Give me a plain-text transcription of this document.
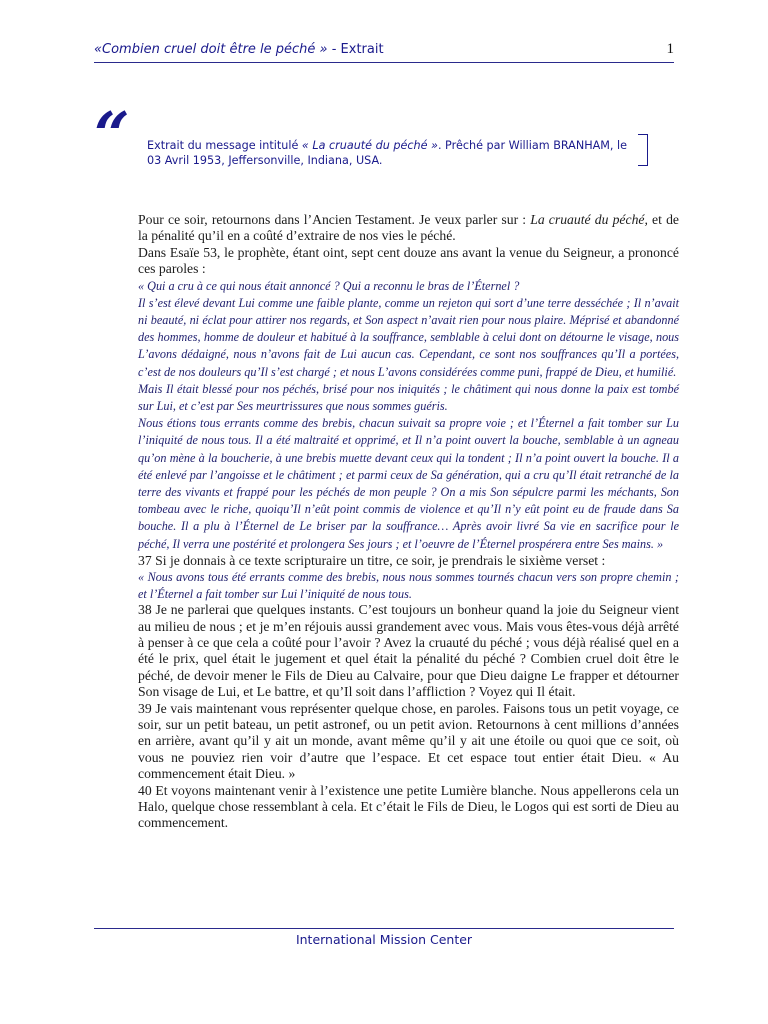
«Combien cruel doit être le péché » - Extrait	1
“ Extrait du message intitulé « La cruauté du péché ». Prêché par William BRANHAM, le 03 Avril 1953, Jeffersonville, Indiana, USA.

Pour ce soir, retournons dans l’Ancien Testament. Je veux parler sur : La cruauté du péché, et de la pénalité qu’il en a coûté d’extraire de nos vies le péché.

Dans Esaïe 53, le prophète, étant oint, sept cent douze ans avant la venue du Seigneur, a prononcé ces paroles :

« Qui a cru à ce qui nous était annoncé ? Qui a reconnu le bras de l’Éternel ?

Il s’est élevé devant Lui comme une faible plante, comme un rejeton qui sort d’une terre desséchée ; Il n’avait ni beauté, ni éclat pour attirer nos regards, et Son aspect n’avait rien pour nous plaire. Méprisé et abandonné des hommes, homme de douleur et habitué à la souffrance, semblable à celui dont on détourne le visage, nous L’avons dédaigné, nous n’avons fait de Lui aucun cas. Cependant, ce sont nos souffrances qu’Il a portées, c’est de nos douleurs qu’Il s’est chargé ; et nous L’avons considérées comme puni, frappé de Dieu, et humilié.

Mais Il était blessé pour nos péchés, brisé pour nos iniquités ; le châtiment qui nous donne la paix est tombé sur Lui, et c’est par Ses meurtrissures que nous sommes guéris.

Nous étions tous errants comme des brebis, chacun suivait sa propre voie ; et l’Éternel a fait tomber sur Lu l’iniquité de nous tous. Il a été maltraité et opprimé, et Il n’a point ouvert la bouche, semblable à un agneau qu’on mène à la boucherie, à une brebis muette devant ceux qui la tondent ; Il n’a point ouvert la bouche. Il a été enlevé par l’angoisse et le châtiment ; et parmi ceux de Sa génération, qui a cru qu’Il était retranché de la terre des vivants et frappé pour les péchés de mon peuple ? On a mis Son sépulcre parmi les méchants, Son tombeau avec le riche, quoiqu’Il n’eût point commis de violence et qu’Il n’y eût point eu de fraude dans Sa bouche. Il a plu à l’Éternel de Le briser par la souffrance… Après avoir livré Sa vie en sacrifice pour le péché, Il verra une postérité et prolongera Ses jours ; et l’oeuvre de l’Éternel prospérera entre Ses mains. »

37 Si je donnais à ce texte scripturaire un titre, ce soir, je prendrais le sixième verset :

« Nous avons tous été errants comme des brebis, nous nous sommes tournés chacun vers son propre chemin ; et l’Éternel a fait tomber sur Lui l’iniquité de nous tous.

38 Je ne parlerai que quelques instants. C’est toujours un bonheur quand la joie du Seigneur vient au milieu de nous ; et je m’en réjouis aussi grandement avec vous. Mais vous êtes-vous déjà arrêté à penser à ce que cela a coûté pour l’avoir ? Avez la cruauté du péché ; vous déjà réalisé quel en a été le prix, quel était le jugement et quel était la pénalité du péché ? Combien cruel doit être le péché, de devoir mener le Fils de Dieu au Calvaire, pour que Dieu daigne Le frapper et détourner Son visage de Lui, et Le battre, et qu’Il soit dans l’affliction ? Voyez qui Il était.

39 Je vais maintenant vous représenter quelque chose, en paroles. Faisons tous un petit voyage, ce soir, sur un petit bateau, un petit astronef, ou un petit avion. Retournons à cent millions d’années en arrière, avant qu’il y ait un monde, avant même qu’il y ait une étoile ou quoi que ce soit, où vous ne pouviez rien voir d’autre que l’espace. Et cet espace tout entier était Dieu. « Au commencement était Dieu. »

40 Et voyons maintenant venir à l’existence une petite Lumière blanche. Nous appellerons cela un Halo, quelque chose ressemblant à cela. Et c’était le Fils de Dieu, le Logos qui est sorti de Dieu au commencement.

International Mission Center
